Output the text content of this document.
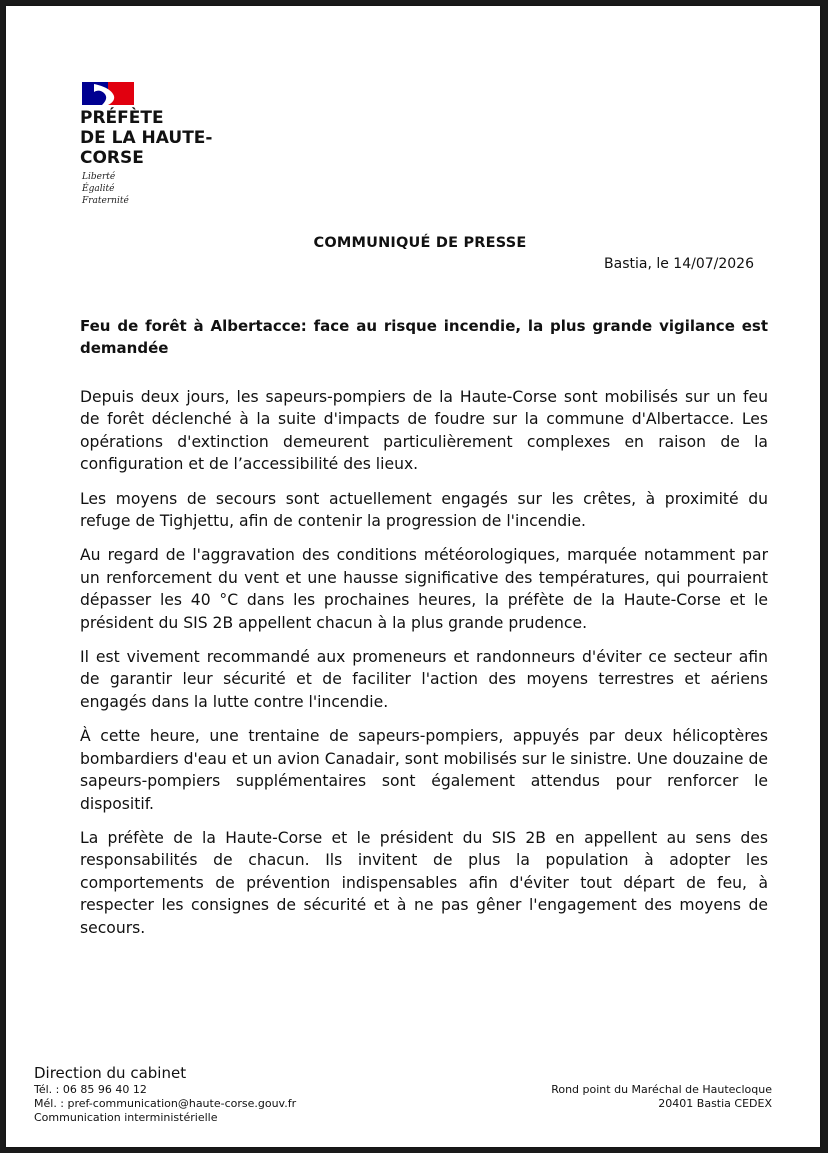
PRÉFÈTE
DE LA HAUTE-
CORSE
Liberté
Égalité
Fraternité
COMMUNIQUÉ DE PRESSE
Bastia, le 14/07/2026
Feu de forêt à Albertacce: face au risque incendie, la plus grande vigilance est demandée

Depuis deux jours, les sapeurs-pompiers de la Haute-Corse sont mobilisés sur un feu de forêt déclenché à la suite d'impacts de foudre sur la commune d'Albertacce. Les opérations d'extinction demeurent particulièrement complexes en raison de la configuration et de l’accessibilité des lieux.

Les moyens de secours sont actuellement engagés sur les crêtes, à proximité du refuge de Tighjettu, afin de contenir la progression de l'incendie.

Au regard de l'aggravation des conditions météorologiques, marquée notamment par un renforcement du vent et une hausse significative des températures, qui pourraient dépasser les 40 °C dans les prochaines heures, la préfète de la Haute-Corse et le président du SIS 2B appellent chacun à la plus grande prudence.

Il est vivement recommandé aux promeneurs et randonneurs d'éviter ce secteur afin de garantir leur sécurité et de faciliter l'action des moyens terrestres et aériens engagés dans la lutte contre l'incendie.

À cette heure, une trentaine de sapeurs-pompiers, appuyés par deux hélicoptères bombardiers d'eau et un avion Canadair, sont mobilisés sur le sinistre. Une douzaine de sapeurs-pompiers supplémentaires sont également attendus pour renforcer le dispositif.

La préfète de la Haute-Corse et le président du SIS 2B en appellent au sens des responsabilités de chacun. Ils invitent de plus la population à adopter les comportements de prévention indispensables afin d'éviter tout départ de feu, à respecter les consignes de sécurité et à ne pas gêner l'engagement des moyens de secours.

Direction du cabinet
Tél. : 06 85 96 40 12
Mél. : pref-communication@haute-corse.gouv.fr
Communication interministérielle
Rond point du Maréchal de Hautecloque
20401 Bastia CEDEX
